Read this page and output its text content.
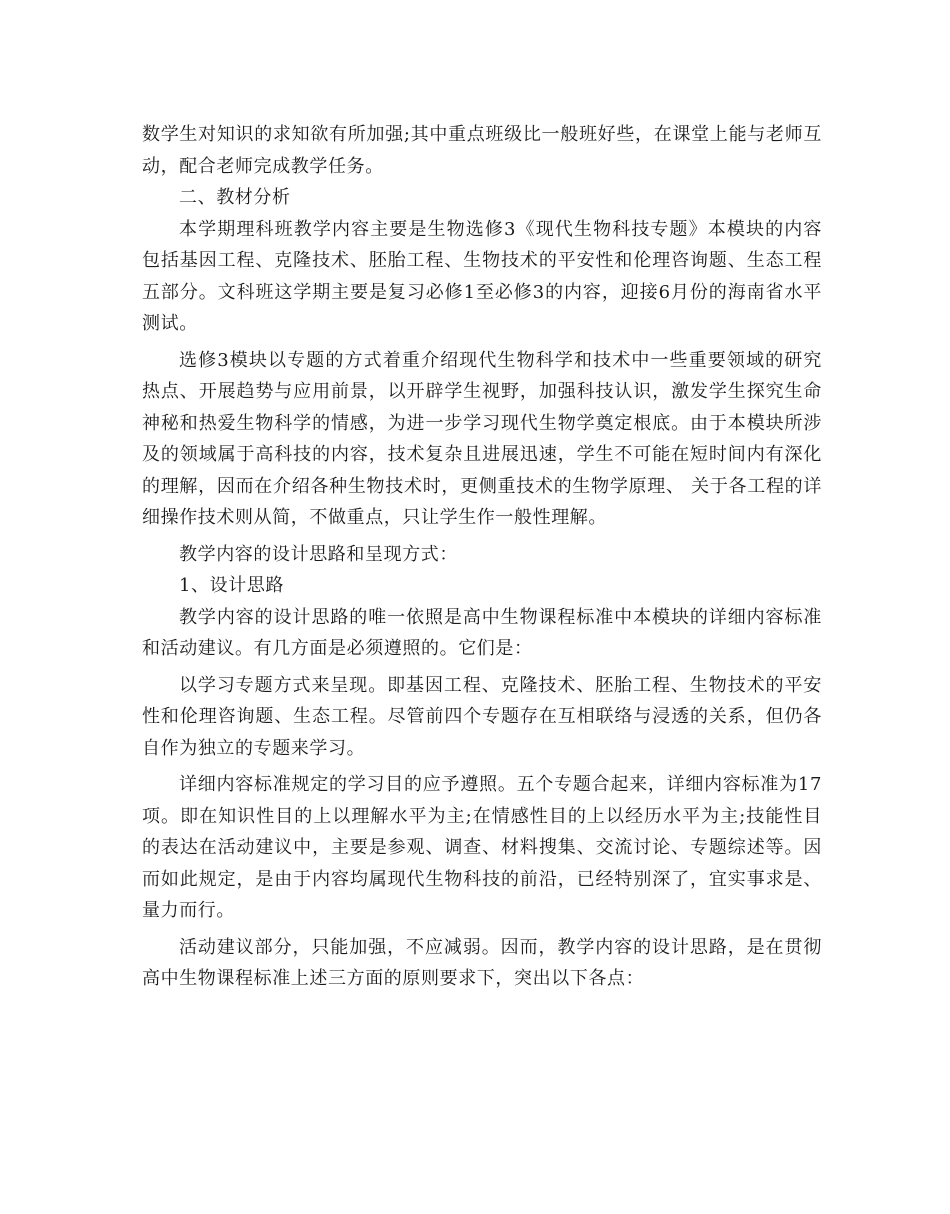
数学生对知识的求知欲有所加强;其中重点班级比一般班好些，在课堂上能与老师互动，配合老师完成教学任务。

二、教材分析

本学期理科班教学内容主要是生物选修3《现代生物科技专题》本模块的内容包括基因工程、克隆技术、胚胎工程、生物技术的平安性和伦理咨询题、生态工程五部分。文科班这学期主要是复习必修1至必修3的内容，迎接6月份的海南省水平测试。

选修3模块以专题的方式着重介绍现代生物科学和技术中一些重要领域的研究热点、开展趋势与应用前景，以开辟学生视野，加强科技认识，激发学生探究生命神秘和热爱生物科学的情感，为进一步学习现代生物学奠定根底。由于本模块所涉及的领域属于高科技的内容，技术复杂且进展迅速，学生不可能在短时间内有深化的理解，因而在介绍各种生物技术时，更侧重技术的生物学原理、 关于各工程的详细操作技术则从简，不做重点，只让学生作一般性理解。

教学内容的设计思路和呈现方式：

1、设计思路

教学内容的设计思路的唯一依照是高中生物课程标准中本模块的详细内容标准和活动建议。有几方面是必须遵照的。它们是：

以学习专题方式来呈现。即基因工程、克隆技术、胚胎工程、生物技术的平安性和伦理咨询题、生态工程。尽管前四个专题存在互相联络与浸透的关系，但仍各自作为独立的专题来学习。

详细内容标准规定的学习目的应予遵照。五个专题合起来，详细内容标准为17项。即在知识性目的上以理解水平为主;在情感性目的上以经历水平为主;技能性目的表达在活动建议中，主要是参观、调查、材料搜集、交流讨论、专题综述等。因而如此规定，是由于内容均属现代生物科技的前沿，已经特别深了，宜实事求是、量力而行。

活动建议部分，只能加强，不应减弱。因而，教学内容的设计思路，是在贯彻高中生物课程标准上述三方面的原则要求下，突出以下各点：
